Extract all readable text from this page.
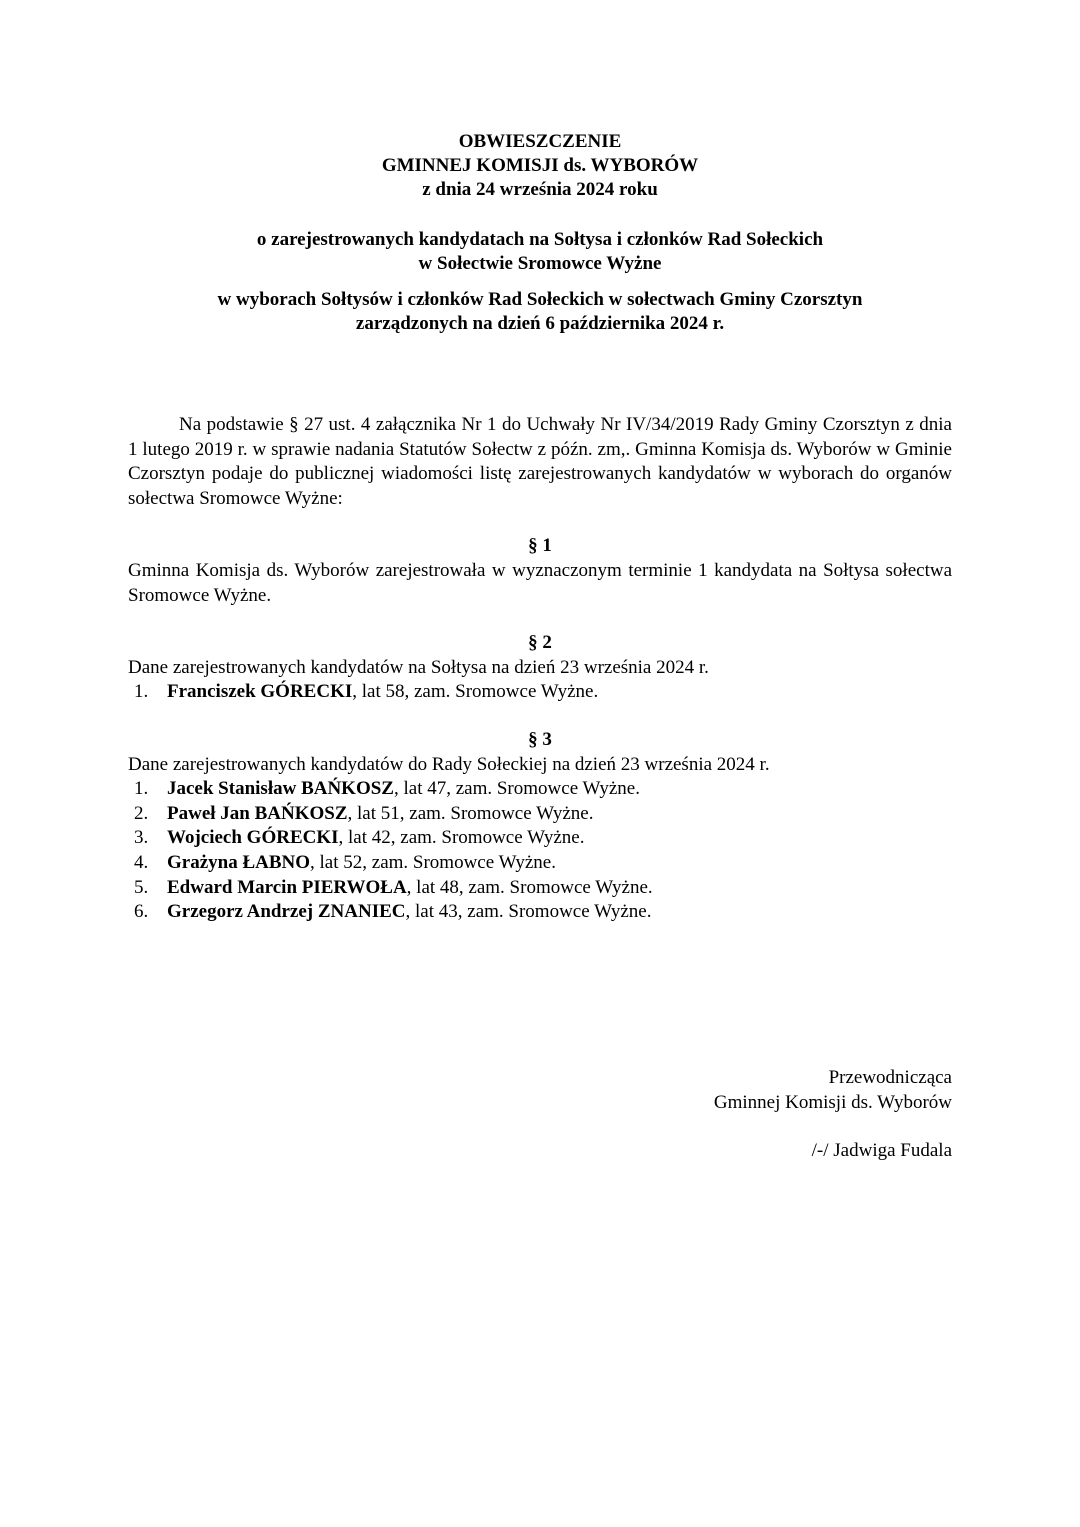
OBWIESZCZENIE
GMINNEJ KOMISJI ds. WYBORÓW
z dnia 24 września 2024 roku
o zarejestrowanych kandydatach na Sołtysa i członków Rad Sołeckich
w Sołectwie Sromowce Wyżne
w wyborach Sołtysów i członków Rad Sołeckich w sołectwach Gminy Czorsztyn
zarządzonych na dzień 6 października 2024 r.
Na podstawie § 27 ust. 4 załącznika Nr 1 do Uchwały Nr IV/34/2019 Rady Gminy Czorsztyn z dnia 1 lutego 2019 r. w sprawie nadania Statutów Sołectw z późn. zm,. Gminna Komisja ds. Wyborów w Gminie Czorsztyn podaje do publicznej wiadomości listę zarejestrowanych kandydatów w wyborach do organów sołectwa Sromowce Wyżne:
§ 1
Gminna Komisja ds. Wyborów zarejestrowała w wyznaczonym terminie 1 kandydata na Sołtysa sołectwa Sromowce Wyżne.
§ 2
Dane zarejestrowanych kandydatów na Sołtysa na dzień 23 września 2024 r.
1. Franciszek GÓRECKI, lat 58, zam. Sromowce Wyżne.
§ 3
Dane zarejestrowanych kandydatów do Rady Sołeckiej na dzień 23 września 2024 r.
1. Jacek Stanisław BAŃKOSZ, lat 47, zam. Sromowce Wyżne.
2. Paweł Jan BAŃKOSZ, lat 51, zam. Sromowce Wyżne.
3. Wojciech GÓRECKI, lat 42, zam. Sromowce Wyżne.
4. Grażyna ŁABNO, lat 52, zam. Sromowce Wyżne.
5. Edward Marcin PIERWOŁA, lat 48, zam. Sromowce Wyżne.
6. Grzegorz Andrzej ZNANIEC, lat 43, zam. Sromowce Wyżne.
Przewodnicząca
Gminnej Komisji ds. Wyborów
/-/ Jadwiga Fudala
